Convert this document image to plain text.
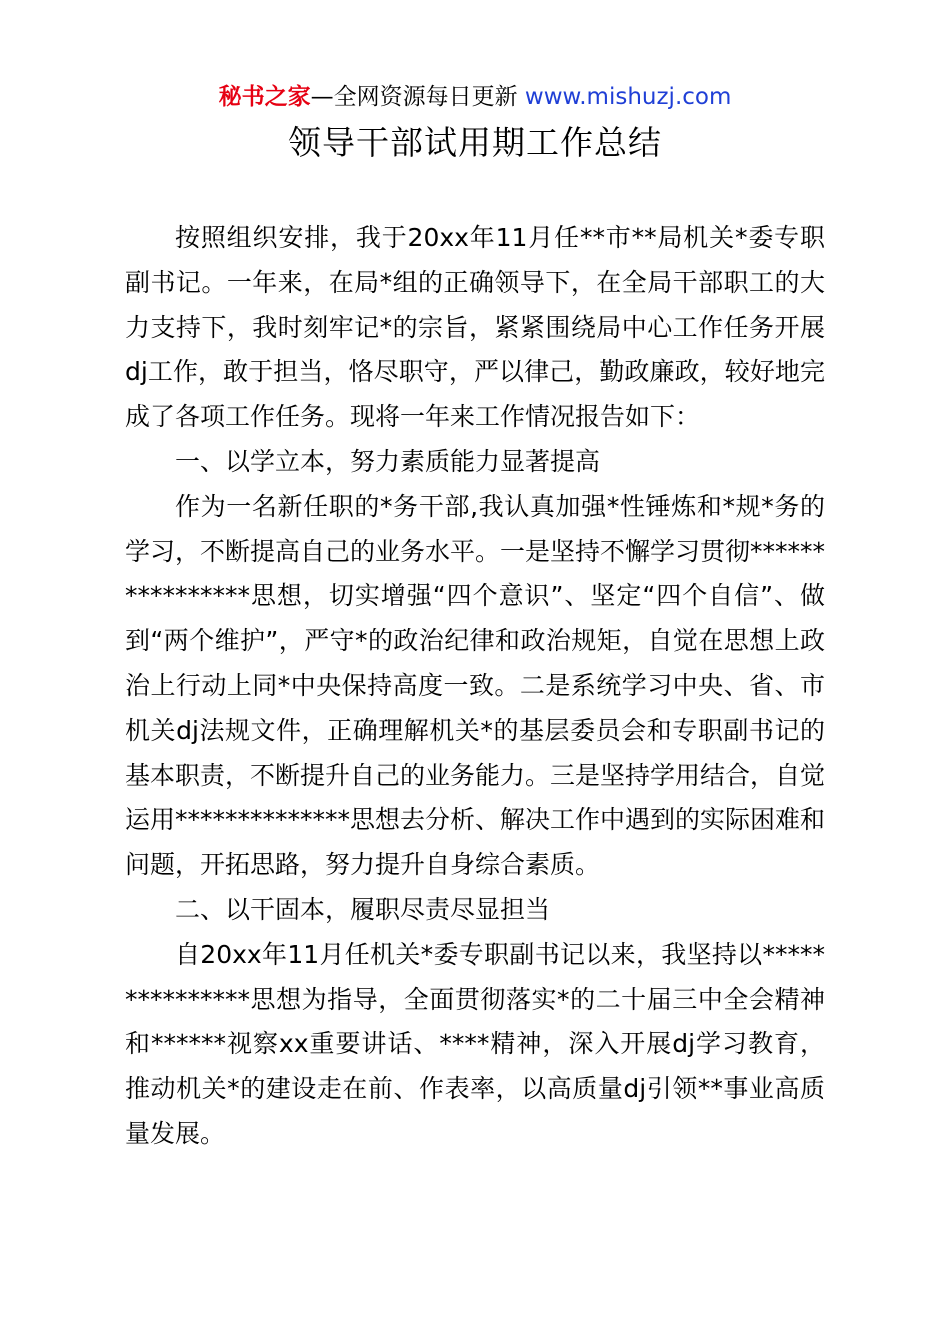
秘书之家—全网资源每日更新 www.mishuzj.com
领导干部试用期工作总结

按照组织安排，我于20xx年11月任**市**局机关*委专职副书记。一年来，在局*组的正确领导下，在全局干部职工的大力支持下，我时刻牢记*的宗旨，紧紧围绕局中心工作任务开展dj工作，敢于担当，恪尽职守，严以律己，勤政廉政，较好地完成了各项工作任务。现将一年来工作情况报告如下：

一、以学立本，努力素质能力显著提高

作为一名新任职的*务干部,我认真加强*性锤炼和*规*务的学习，不断提高自己的业务水平。一是坚持不懈学习贯彻****************思想，切实增强“四个意识”、坚定“四个自信”、做到“两个维护”，严守*的政治纪律和政治规矩，自觉在思想上政治上行动上同*中央保持高度一致。二是系统学习中央、省、市机关dj法规文件，正确理解机关*的基层委员会和专职副书记的基本职责，不断提升自己的业务能力。三是坚持学用结合，自觉运用**************思想去分析、解决工作中遇到的实际困难和问题，开拓思路，努力提升自身综合素质。

二、以干固本，履职尽责尽显担当

自20xx年11月任机关*委专职副书记以来，我坚持以***************思想为指导，全面贯彻落实*的二十届三中全会精神和******视察xx重要讲话、****精神，深入开展dj学习教育，推动机关*的建设走在前、作表率，以高质量dj引领**事业高质量发展。
